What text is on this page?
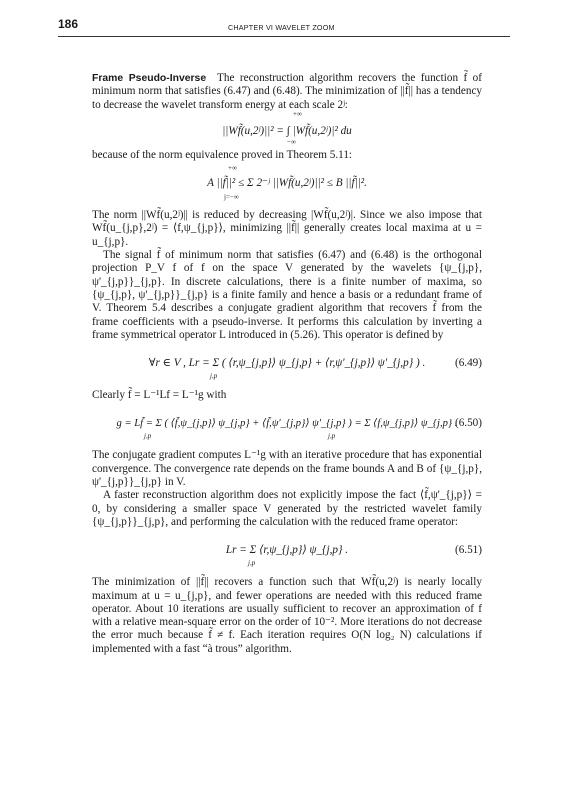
186	CHAPTER VI WAVELET ZOOM

Frame Pseudo-Inverse The reconstruction algorithm recovers the function f̃ of minimum norm that satisfies (6.47) and (6.48). The minimization of ||f̃|| has a tendency to decrease the wavelet transform energy at each scale 2ʲ:

||Wf̃(u,2ʲ)||² = ∫ |Wf̃(u,2ʲ)|² du
+∞
−∞

because of the norm equivalence proved in Theorem 5.11:

A ||f̃||² ≤ Σ 2⁻ʲ ||Wf̃(u,2ʲ)||² ≤ B ||f̃||².
+∞
j=−∞

The norm ||Wf̃(u,2ʲ)|| is reduced by decreasing |Wf̃(u,2ʲ)|. Since we also impose that Wf̃(u_{j,p},2ʲ) = ⟨f,ψ_{j,p}⟩, minimizing ||f̃|| generally creates local maxima at u = u_{j,p}.

The signal f̃ of minimum norm that satisfies (6.47) and (6.48) is the orthogonal projection P_V f of f on the space V generated by the wavelets {ψ_{j,p}, ψ'_{j,p}}_{j,p}. In discrete calculations, there is a finite number of maxima, so {ψ_{j,p}, ψ'_{j,p}}_{j,p} is a finite family and hence a basis or a redundant frame of V. Theorem 5.4 describes a conjugate gradient algorithm that recovers f̃ from the frame coefficients with a pseudo-inverse. It performs this calculation by inverting a frame symmetrical operator L introduced in (5.26). This operator is defined by

∀r ∈ V , Lr = Σ ( ⟨r,ψ_{j,p}⟩ ψ_{j,p} + ⟨r,ψ'_{j,p}⟩ ψ'_{j,p} ) .
j,p
(6.49)

Clearly f̃ = L⁻¹Lf = L⁻¹g with

g = Lf̃ = Σ ( ⟨f̃,ψ_{j,p}⟩ ψ_{j,p} + ⟨f̃,ψ'_{j,p}⟩ ψ'_{j,p} ) = Σ ⟨f,ψ_{j,p}⟩ ψ_{j,p} .
j,p	j,p
(6.50)

The conjugate gradient computes L⁻¹g with an iterative procedure that has exponential convergence. The convergence rate depends on the frame bounds A and B of {ψ_{j,p}, ψ'_{j,p}}_{j,p} in V.

A faster reconstruction algorithm does not explicitly impose the fact ⟨f̃,ψ'_{j,p}⟩ = 0, by considering a smaller space V generated by the restricted wavelet family {ψ_{j,p}}_{j,p}, and performing the calculation with the reduced frame operator:

Lr = Σ ⟨r,ψ_{j,p}⟩ ψ_{j,p} .
j,p
(6.51)

The minimization of ||f̃|| recovers a function such that Wf̃(u,2ʲ) is nearly locally maximum at u = u_{j,p}, and fewer operations are needed with this reduced frame operator. About 10 iterations are usually sufficient to recover an approximation of f with a relative mean-square error on the order of 10⁻². More iterations do not decrease the error much because f̃ ≠ f. Each iteration requires O(N log₂ N) calculations if implemented with a fast “à trous” algorithm.
